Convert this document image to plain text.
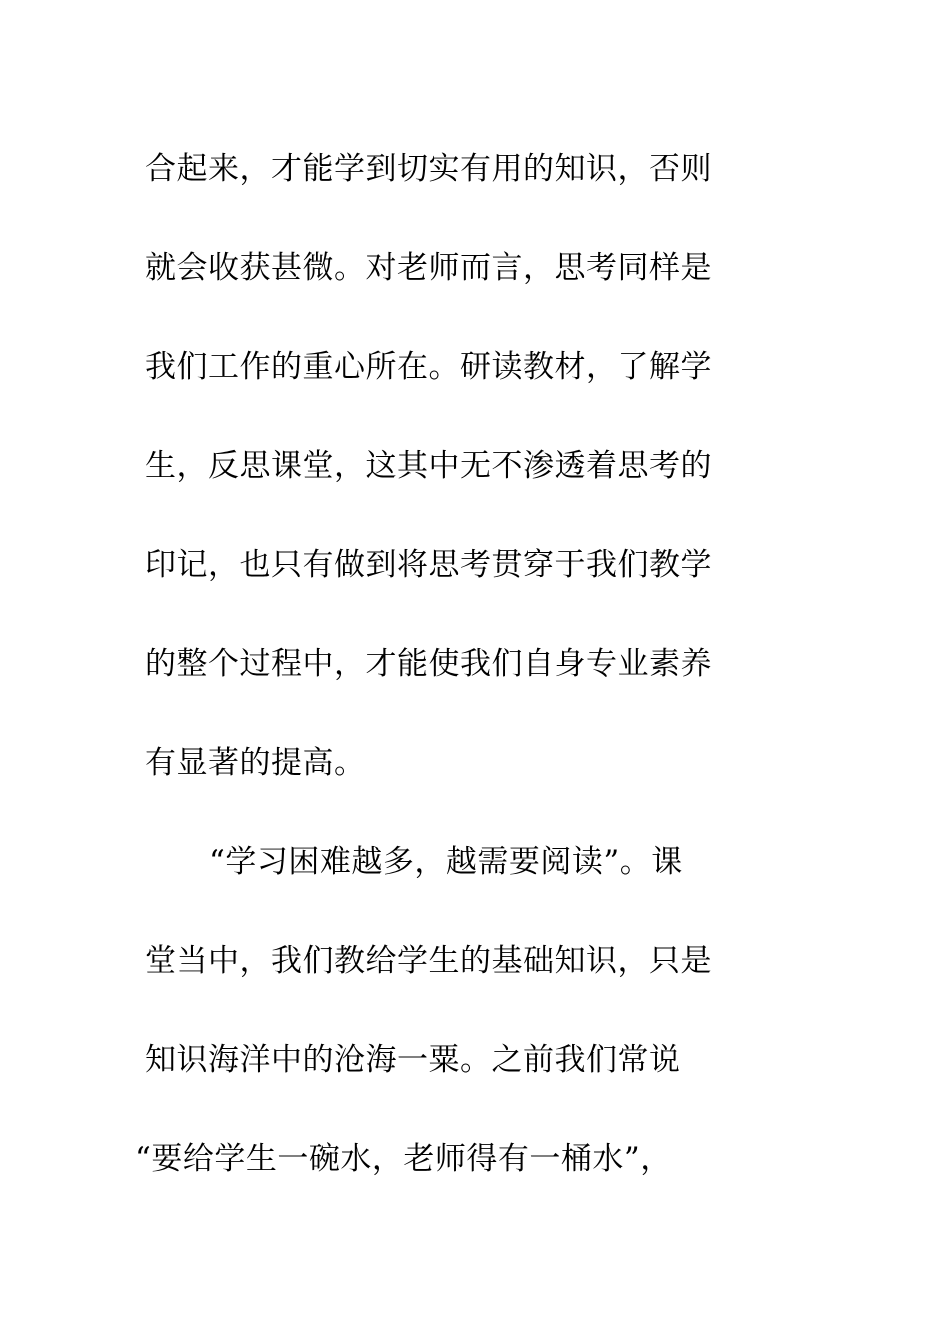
合起来，才能学到切实有用的知识，否则
就会收获甚微。对老师而言，思考同样是
我们工作的重心所在。研读教材，了解学
生，反思课堂，这其中无不渗透着思考的
印记，也只有做到将思考贯穿于我们教学
的整个过程中，才能使我们自身专业素养
有显著的提高。
“学习困难越多，越需要阅读”。课
堂当中，我们教给学生的基础知识，只是
知识海洋中的沧海一粟。之前我们常说
“要给学生一碗水，老师得有一桶水”，
